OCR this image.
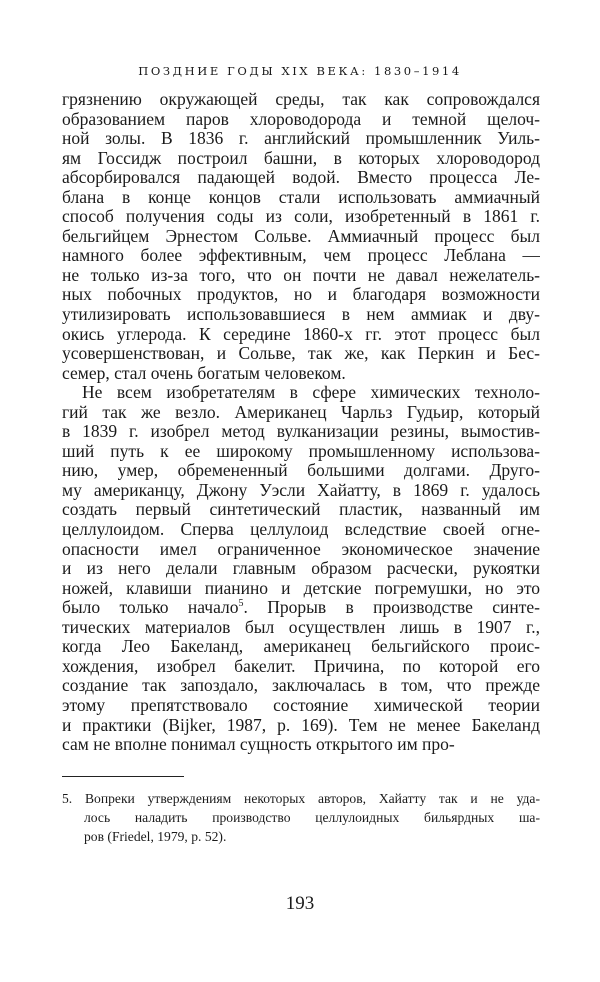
ПОЗДНИЕ ГОДЫ XIX ВЕКА: 1830–1914
грязнению окружающей среды, так как сопровождался
образованием паров хлороводорода и темной щелоч-
ной золы. В 1836 г. английский промышленник Уиль-
ям Госсидж построил башни, в которых хлороводород
абсорбировался падающей водой. Вместо процесса Ле-
блана в конце концов стали использовать аммиачный
способ получения соды из соли, изобретенный в 1861 г.
бельгийцем Эрнестом Сольве. Аммиачный процесс был
намного более эффективным, чем процесс Леблана —
не только из-за того, что он почти не давал нежелатель-
ных побочных продуктов, но и благодаря возможности
утилизировать использовавшиеся в нем аммиак и дву-
окись углерода. К середине 1860-х гг. этот процесс был
усовершенствован, и Сольве, так же, как Перкин и Бес-
семер, стал очень богатым человеком.
Не всем изобретателям в сфере химических техноло-
гий так же везло. Американец Чарльз Гудьир, который
в 1839 г. изобрел метод вулканизации резины, вымостив-
ший путь к ее широкому промышленному использова-
нию, умер, обремененный большими долгами. Друго-
му американцу, Джону Уэсли Хайатту, в 1869 г. удалось
создать первый синтетический пластик, названный им
целлулоидом. Сперва целлулоид вследствие своей огне-
опасности имел ограниченное экономическое значение
и из него делали главным образом расчески, рукоятки
ножей, клавиши пианино и детские погремушки, но это
было только начало$^5$. Прорыв в производстве синте-
тических материалов был осуществлен лишь в 1907 г.,
когда Лео Бакеланд, американец бельгийского проис-
хождения, изобрел бакелит. Причина, по которой его
создание так запоздало, заключалась в том, что прежде
этому препятствовало состояние химической теории
и практики (Bijker, 1987, p. 169). Тем не менее Бакеланд
сам не вполне понимал сущность открытого им про-
5. Вопреки утверждениям некоторых авторов, Хайатту так и не уда-
лось наладить производство целлулоидных бильярдных ша-
ров (Friedel, 1979, p. 52).
193
